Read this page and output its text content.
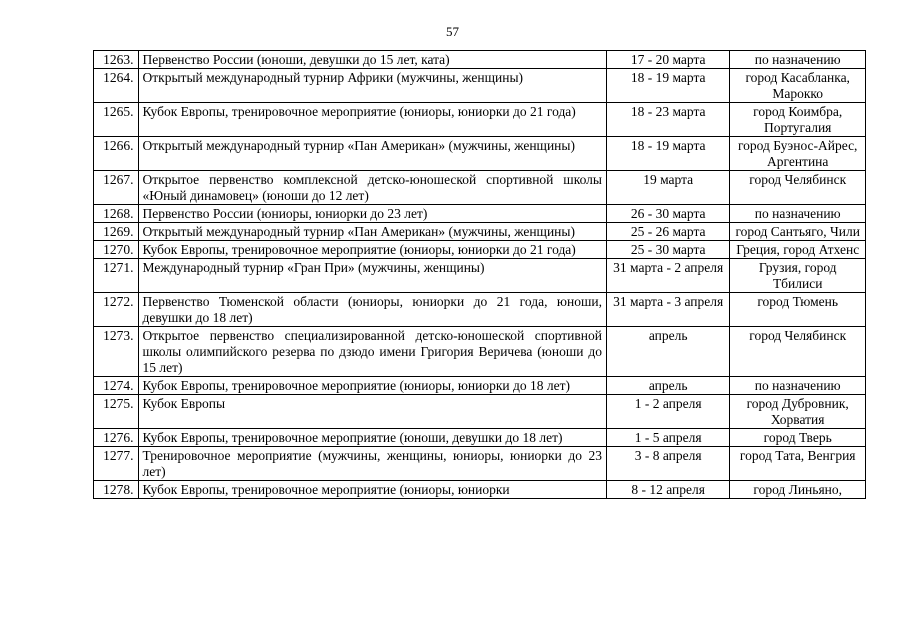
57
1263.	Первенство России (юноши, девушки до 15 лет, ката)	17 - 20 марта	по назначению
1264.	Открытый международный турнир Африки (мужчины, женщины)	18 - 19 марта	город Касабланка, Марокко
1265.	Кубок Европы, тренировочное мероприятие (юниоры, юниорки до 21 года)	18 - 23 марта	город Коимбра, Португалия
1266.	Открытый международный турнир «Пан Американ» (мужчины, женщины)	18 - 19 марта	город Буэнос-Айрес, Аргентина
1267.	Открытое первенство комплексной детско-юношеской спортивной школы «Юный динамовец» (юноши до 12 лет)	19 марта	город Челябинск
1268.	Первенство России (юниоры, юниорки до 23 лет)	26 - 30 марта	по назначению
1269.	Открытый международный турнир «Пан Американ» (мужчины, женщины)	25 - 26 марта	город Сантьяго, Чили
1270.	Кубок Европы, тренировочное мероприятие (юниоры, юниорки до 21 года)	25 - 30 марта	Греция, город Атхенс
1271.	Международный турнир «Гран При» (мужчины, женщины)	31 марта - 2 апреля	Грузия, город Тбилиси
1272.	Первенство Тюменской области (юниоры, юниорки до 21 года, юноши, девушки до 18 лет)	31 марта - 3 апреля	город Тюмень
1273.	Открытое первенство специализированной детско-юношеской спортивной школы олимпийского резерва по дзюдо имени Григория Веричева (юноши до 15 лет)	апрель	город Челябинск
1274.	Кубок Европы, тренировочное мероприятие (юниоры, юниорки до 18 лет)	апрель	по назначению
1275.	Кубок Европы	1 - 2 апреля	город Дубровник, Хорватия
1276.	Кубок Европы, тренировочное мероприятие (юноши, девушки до 18 лет)	1 - 5 апреля	город Тверь
1277.	Тренировочное мероприятие (мужчины, женщины, юниоры, юниорки до 23 лет)	3 - 8 апреля	город Тата, Венгрия
1278.	Кубок Европы, тренировочное мероприятие (юниоры, юниорки	8 - 12 апреля	город Линьяно,
